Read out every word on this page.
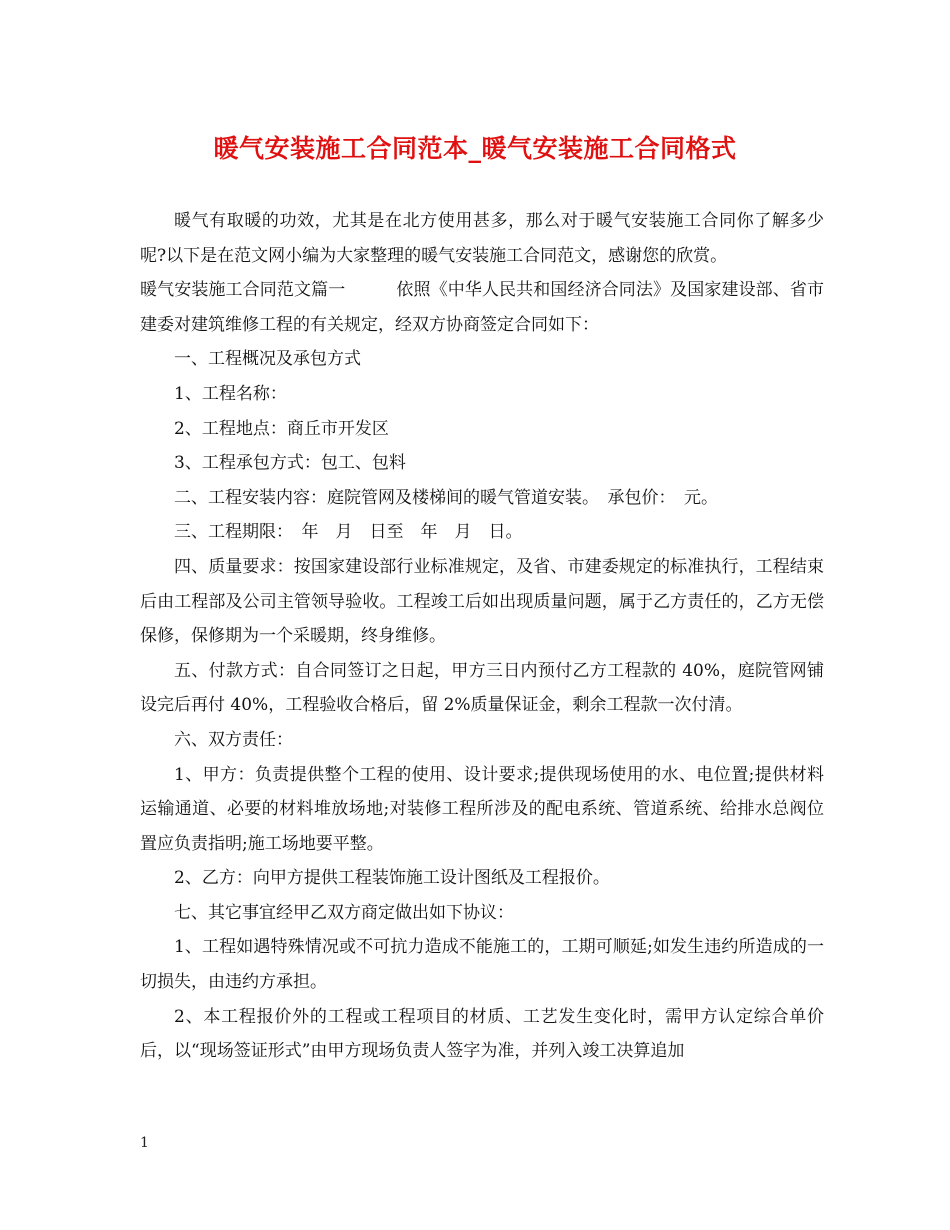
暖气安装施工合同范本_暖气安装施工合同格式

暖气有取暖的功效，尤其是在北方使用甚多，那么对于暖气安装施工合同你了解多少呢?以下是在范文网小编为大家整理的暖气安装施工合同范文，感谢您的欣赏。

暖气安装施工合同范文篇一	依照《中华人民共和国经济合同法》及国家建设部、省市建委对建筑维修工程的有关规定，经双方协商签定合同如下：

一、工程概况及承包方式

1、工程名称：

2、工程地点：商丘市开发区

3、工程承包方式：包工、包料

二、工程安装内容：庭院管网及楼梯间的暖气管道安装。　承包价：　元。

三、工程期限：　年　月　日至　年　月　日。

四、质量要求：按国家建设部行业标准规定，及省、市建委规定的标准执行，工程结束后由工程部及公司主管领导验收。工程竣工后如出现质量问题，属于乙方责任的，乙方无偿保修，保修期为一个采暖期，终身维修。

五、付款方式：自合同签订之日起，甲方三日内预付乙方工程款的 40%，庭院管网铺设完后再付 40%，工程验收合格后，留 2%质量保证金，剩余工程款一次付清。

六、双方责任：

1、甲方：负责提供整个工程的使用、设计要求;提供现场使用的水、电位置;提供材料运输通道、必要的材料堆放场地;对装修工程所涉及的配电系统、管道系统、给排水总阀位置应负责指明;施工场地要平整。

2、乙方：向甲方提供工程装饰施工设计图纸及工程报价。

七、其它事宜经甲乙双方商定做出如下协议：

1、工程如遇特殊情况或不可抗力造成不能施工的，工期可顺延;如发生违约所造成的一切损失，由违约方承担。

2、本工程报价外的工程或工程项目的材质、工艺发生变化时，需甲方认定综合单价后，以“现场签证形式”由甲方现场负责人签字为准，并列入竣工决算追加

1
